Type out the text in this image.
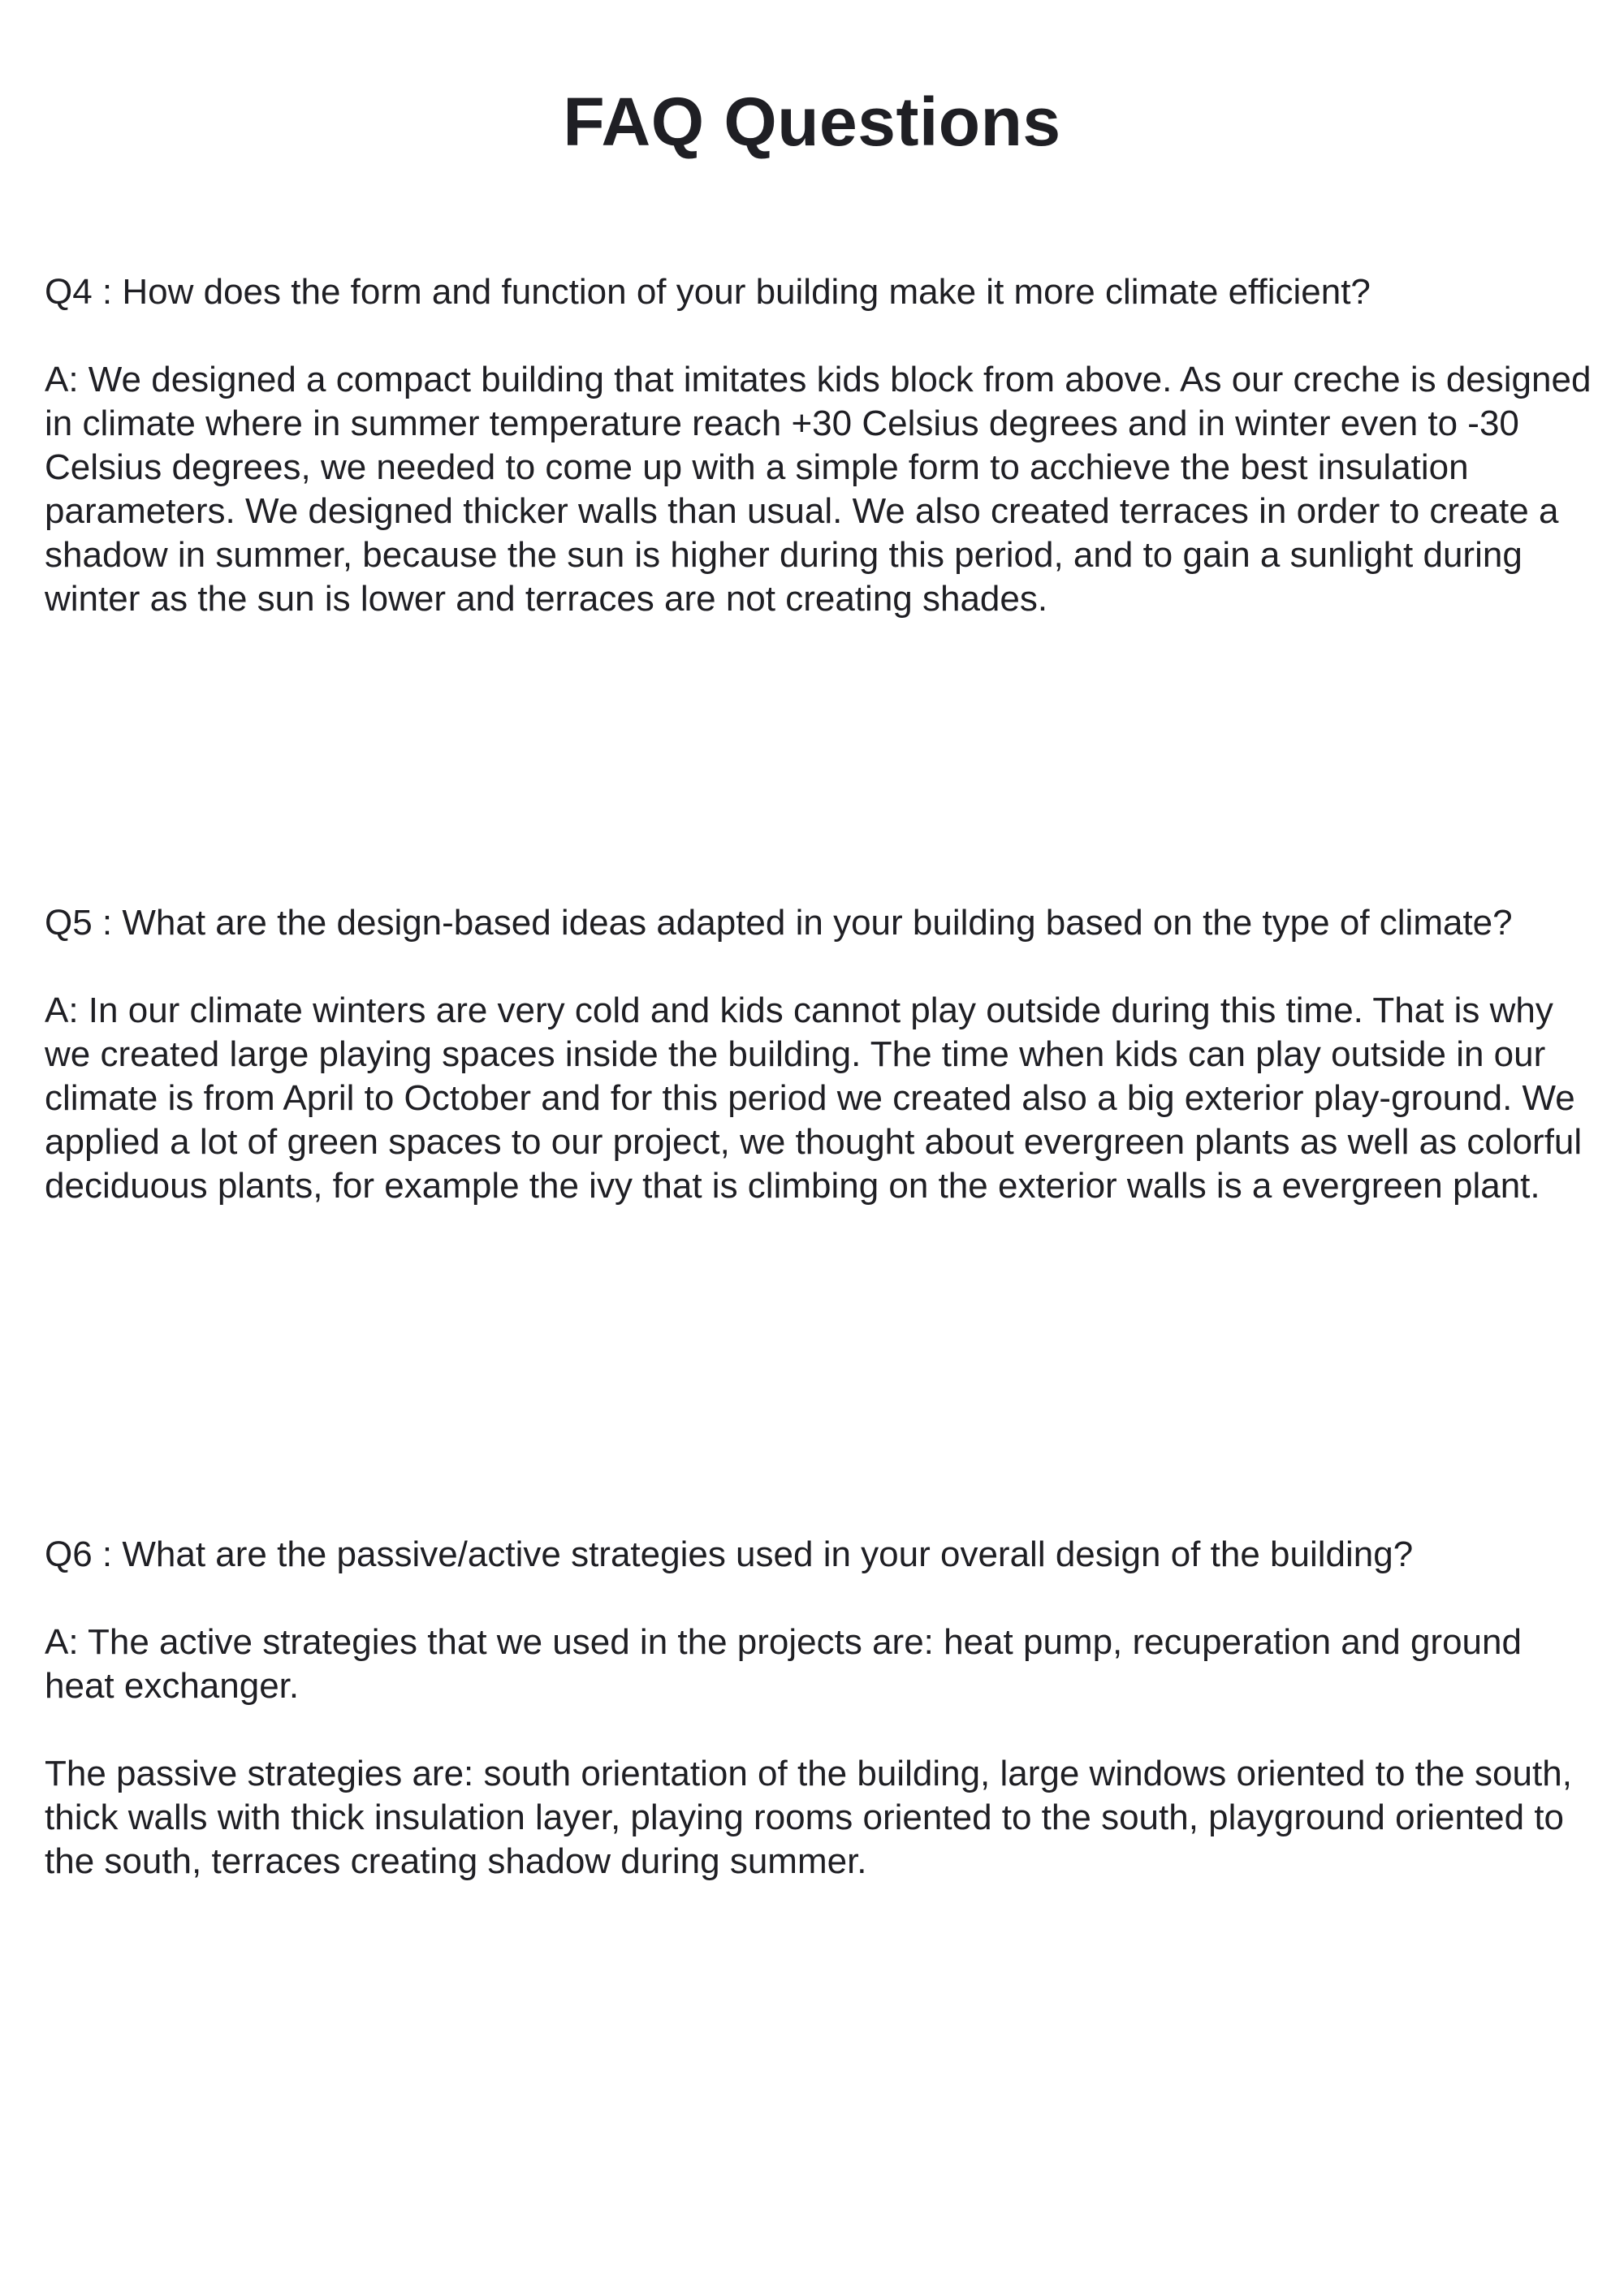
FAQ Questions

Q4 : How does the form and function of your building make it more climate efficient?

A: We designed a compact building that imitates kids block from above. As our creche is designed in climate where in summer temperature reach +30 Celsius degrees and in winter even to -30 Celsius degrees, we needed to come up with a simple form to acchieve the best insulation parameters. We designed thicker walls than usual. We also created terraces in order to create a shadow in summer, because the sun is higher during this period, and to gain a sunlight during winter as the sun is lower and terraces are not creating shades.

Q5 : What are the design-based ideas adapted in your building based on the type of climate?

A: In our climate winters are very cold and kids cannot play outside during this time. That is why we created large playing spaces inside the building. The time when kids can play outside in our climate is from April to October and for this period we created also a big exterior play-ground. We applied a lot of green spaces to our project, we thought about evergreen plants as well as colorful deciduous plants, for example the ivy that is climbing on the exterior walls is a evergreen plant.

Q6 : What are the passive/active strategies used in your overall design of the building?

A: The active strategies that we used in the projects are: heat pump, recuperation and ground heat exchanger.

The passive strategies are: south orientation of the building, large windows oriented to the south, thick walls with thick insulation layer, playing rooms oriented to the south, playground oriented to the south, terraces creating shadow during summer.
